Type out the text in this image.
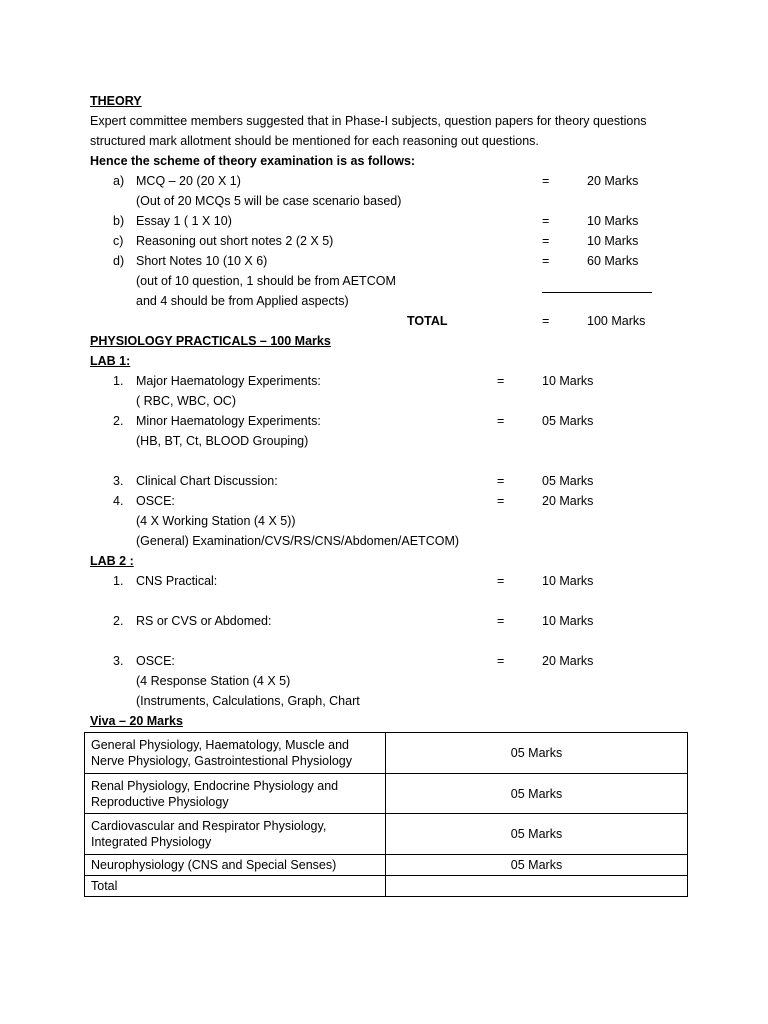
THEORY
Expert committee members suggested that in Phase-I subjects, question papers for theory questions
structured mark allotment should be mentioned for each reasoning out questions.
Hence the scheme of theory examination is as follows:
a) MCQ – 20 (20 X 1)	=	20 Marks
(Out of 20 MCQs 5 will be case scenario based)
b) Essay 1 ( 1 X 10)	=	10 Marks
c) Reasoning out short notes 2 (2 X 5)	=	10 Marks
d) Short Notes 10 (10 X 6)	=	60 Marks
(out of 10 question, 1 should be from AETCOM
and 4 should be from Applied aspects)
TOTAL	=	100 Marks
PHYSIOLOGY PRACTICALS – 100 Marks
LAB 1:
1. Major Haematology Experiments:	=	10 Marks
( RBC, WBC, OC)
2. Minor Haematology Experiments:	=	05 Marks
(HB, BT, Ct, BLOOD Grouping)
3. Clinical Chart Discussion:	=	05 Marks
4. OSCE:	=	20 Marks
(4 X Working Station (4 X 5))
(General) Examination/CVS/RS/CNS/Abdomen/AETCOM)
LAB 2 :
1. CNS Practical:	=	10 Marks
2. RS or CVS or Abdomed:	=	10 Marks
3. OSCE:	=	20 Marks
(4 Response Station (4 X 5)
(Instruments, Calculations, Graph, Chart
Viva – 20 Marks
General Physiology, Haematology, Muscle and
Nerve Physiology, Gastrointestional Physiology	05 Marks
Renal Physiology, Endocrine Physiology and
Reproductive Physiology	05 Marks
Cardiovascular and Respirator Physiology,
Integrated Physiology	05 Marks
Neurophysiology (CNS and Special Senses)	05 Marks
Total	
